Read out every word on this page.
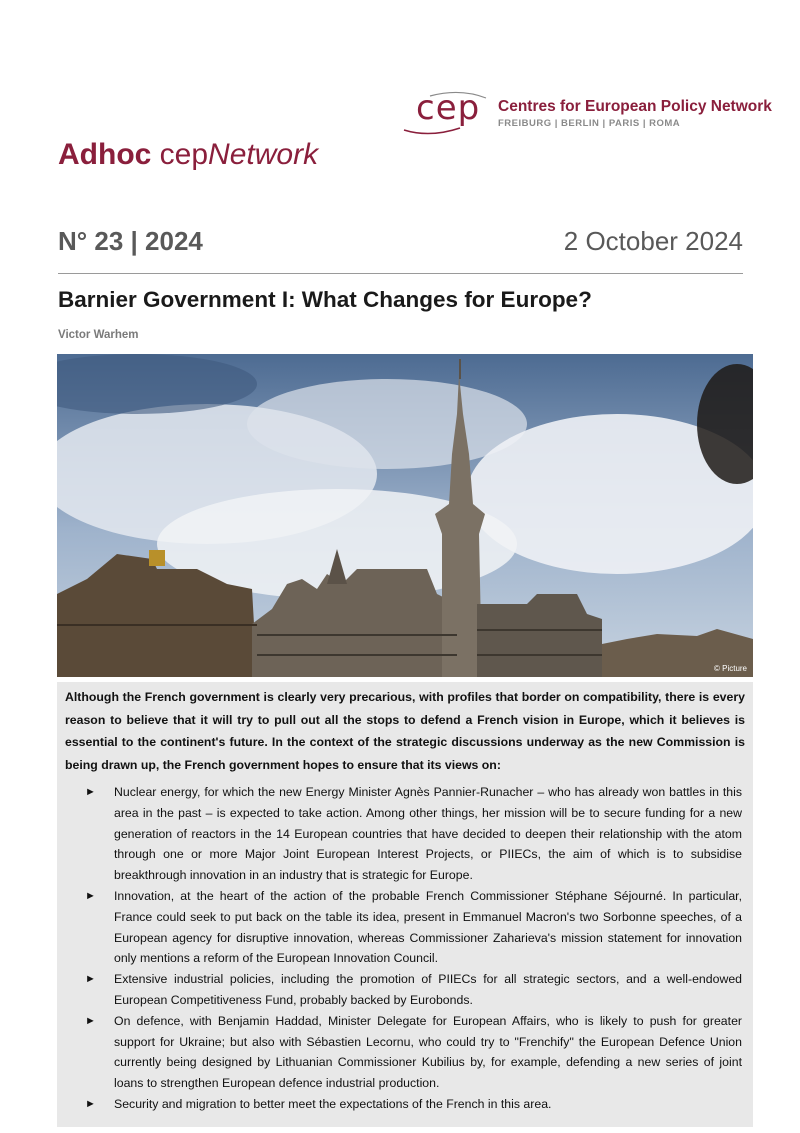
cep Centres for European Policy Network
FREIBURG | BERLIN | PARIS | ROMA
Adhoc cepNetwork
N° 23 | 2024	2 October 2024
Barnier Government I: What Changes for Europe?
Victor Warhem
© Picture

Although the French government is clearly very precarious, with profiles that border on compatibility, there is every reason to believe that it will try to pull out all the stops to defend a French vision in Europe, which it believes is essential to the continent's future. In the context of the strategic discussions underway as the new Commission is being drawn up, the French government hopes to ensure that its views on:

► Nuclear energy, for which the new Energy Minister Agnès Pannier-Runacher – who has already won battles in this area in the past – is expected to take action. Among other things, her mission will be to secure funding for a new generation of reactors in the 14 European countries that have decided to deepen their relationship with the atom through one or more Major Joint European Interest Projects, or PIIECs, the aim of which is to subsidise breakthrough innovation in an industry that is strategic for Europe.
► Innovation, at the heart of the action of the probable French Commissioner Stéphane Séjourné. In particular, France could seek to put back on the table its idea, present in Emmanuel Macron's two Sorbonne speeches, of a European agency for disruptive innovation, whereas Commissioner Zaharieva's mission statement for innovation only mentions a reform of the European Innovation Council.
► Extensive industrial policies, including the promotion of PIIECs for all strategic sectors, and a well-endowed European Competitiveness Fund, probably backed by Eurobonds.
► On defence, with Benjamin Haddad, Minister Delegate for European Affairs, who is likely to push for greater support for Ukraine; but also with Sébastien Lecornu, who could try to "Frenchify" the European Defence Union currently being designed by Lithuanian Commissioner Kubilius by, for example, defending a new series of joint loans to strengthen European defence industrial production.
► Security and migration to better meet the expectations of the French in this area.
